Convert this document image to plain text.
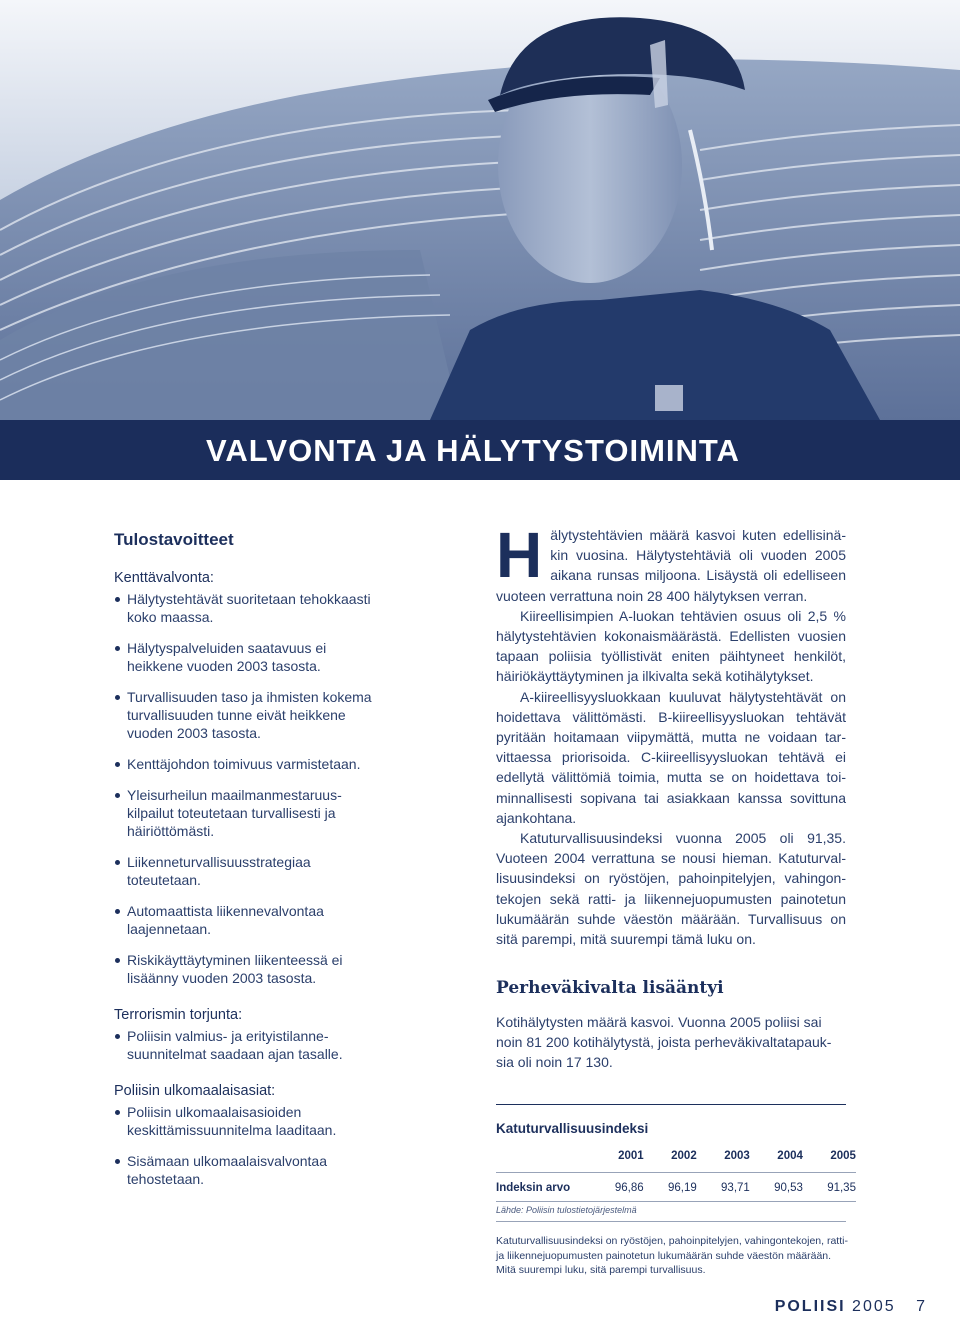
VALVONTA JA HÄLYTYSTOIMINTA
Tulostavoitteet
Kenttävalvonta:
Hälytystehtävät suoritetaan tehokkaasti koko maassa.
Hälytyspalveluiden saatavuus ei heikkene vuoden 2003 tasosta.
Turvallisuuden taso ja ihmisten kokema turvallisuuden tunne eivät heikkene vuoden 2003 tasosta.
Kenttäjohdon toimivuus varmistetaan.
Yleisurheilun maailmanmestaruus-kilpailut toteutetaan turvallisesti ja häiriöttömästi.
Liikenneturvallisuusstrategiaa toteutetaan.
Automaattista liikennevalvontaa laajennetaan.
Riskikäyttäytyminen liikenteessä ei lisäänny vuoden 2003 tasosta.
Terrorismin torjunta:
Poliisin valmius- ja erityistilanne-suunnitelmat saadaan ajan tasalle.
Poliisin ulkomaalaisasiat:
Poliisin ulkomaalaisasioiden keskittämissuunnitelma laaditaan.
Sisämaan ulkomaalaisvalvontaa tehostetaan.

Hälytystehtävien määrä kasvoi kuten edellisinä-kin vuosina. Hälytystehtäviä oli vuoden 2005 aikana runsas miljoona. Lisäystä oli edelliseen vuoteen verrattuna noin 28 400 hälytyksen verran.

Kiireellisimpien A-luokan tehtävien osuus oli 2,5 % hälytystehtävien kokonaismäärästä. Edellisten vuosien tapaan poliisia työllistivät eniten päihtyneet henkilöt, häiriökäyttäytyminen ja ilkivalta sekä kotihälytykset.

A-kiireellisyysluokkaan kuuluvat hälytystehtävät on hoidettava välittömästi. B-kiireellisyysluokan tehtävät pyritään hoitamaan viipymättä, mutta ne voidaan tar-vittaessa priorisoida. C-kiireellisyysluokan tehtävä ei edellytä välittömiä toimia, mutta se on hoidettava toi-minnallisesti sopivana tai asiakkaan kanssa sovittuna ajankohtana.

Katuturvallisuusindeksi vuonna 2005 oli 91,35. Vuoteen 2004 verrattuna se nousi hieman. Katuturval-lisuusindeksi on ryöstöjen, pahoinpitelyjen, vahingon-tekojen sekä ratti- ja liikennejuopumusten painotetun lukumäärän suhde väestön määrään. Turvallisuus on sitä parempi, mitä suurempi tämä luku on.

Perheväkivalta lisääntyi

Kotihälytysten määrä kasvoi. Vuonna 2005 poliisi sai noin 81 200 kotihälytystä, joista perheväkivaltatapauk-sia oli noin 17 130.

Katuturvallisuusindeksi
2001	2002	2003	2004	2005
Indeksin arvo	96,86	96,19	93,71	90,53	91,35
Lähde: Poliisin tulostietojärjestelmä
Katuturvallisuusindeksi on ryöstöjen, pahoinpitelyjen, vahingontekojen, ratti- ja liikennejuopumusten painotetun lukumäärän suhde väestön määrään. Mitä suurempi luku, sitä parempi turvallisuus.
POLIISI 2005 7
